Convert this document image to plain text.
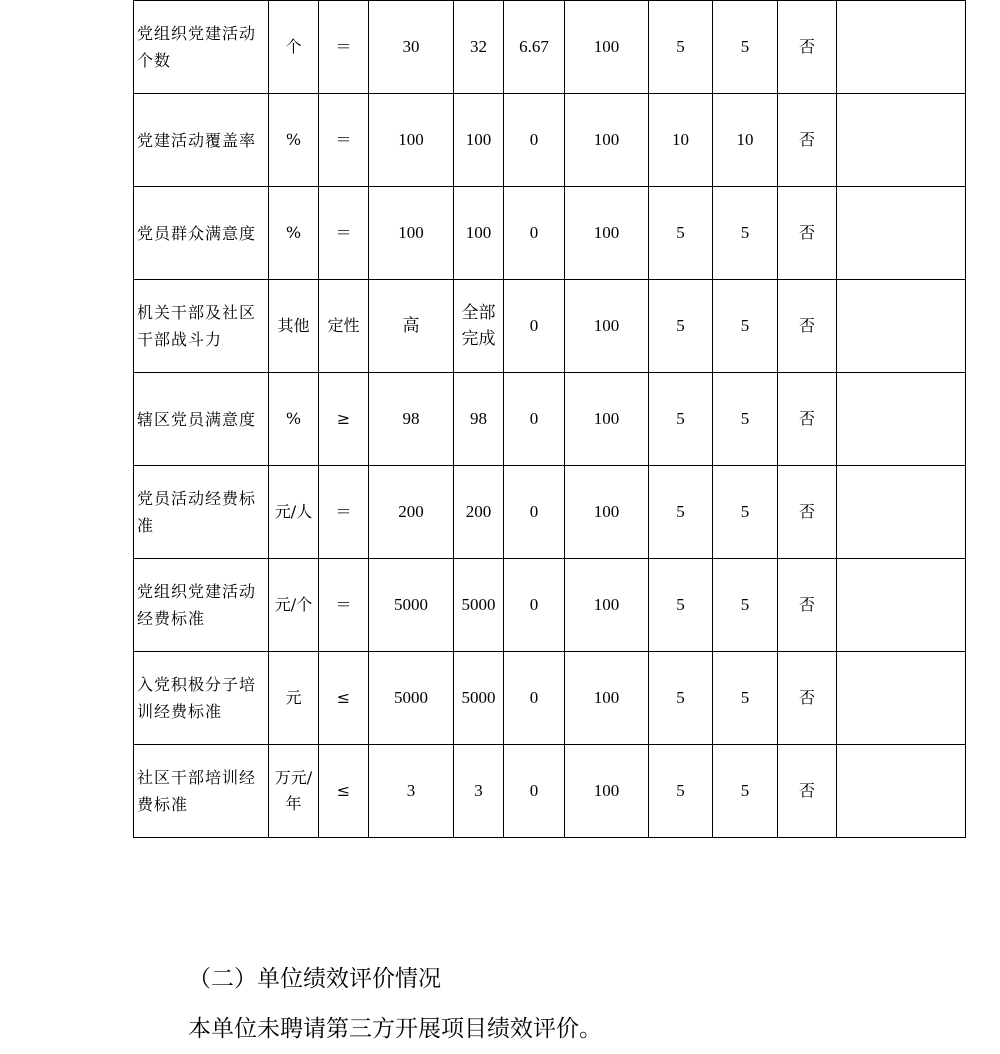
党组织党建活动个数	个	＝	30	32	6.67	100	5	5	否	
党建活动覆盖率	%	＝	100	100	0	100	10	10	否	
党员群众满意度	%	＝	100	100	0	100	5	5	否	
机关干部及社区干部战斗力	其他	定性	高	全部完成	0	100	5	5	否	
辖区党员满意度	%	≥	98	98	0	100	5	5	否	
党员活动经费标准	元/人	＝	200	200	0	100	5	5	否	
党组织党建活动经费标准	元/个	＝	5000	5000	0	100	5	5	否	
入党积极分子培训经费标准	元	≤	5000	5000	0	100	5	5	否	
社区干部培训经费标准	万元/年	≤	3	3	0	100	5	5	否	
（二）单位绩效评价情况
本单位未聘请第三方开展项目绩效评价。
